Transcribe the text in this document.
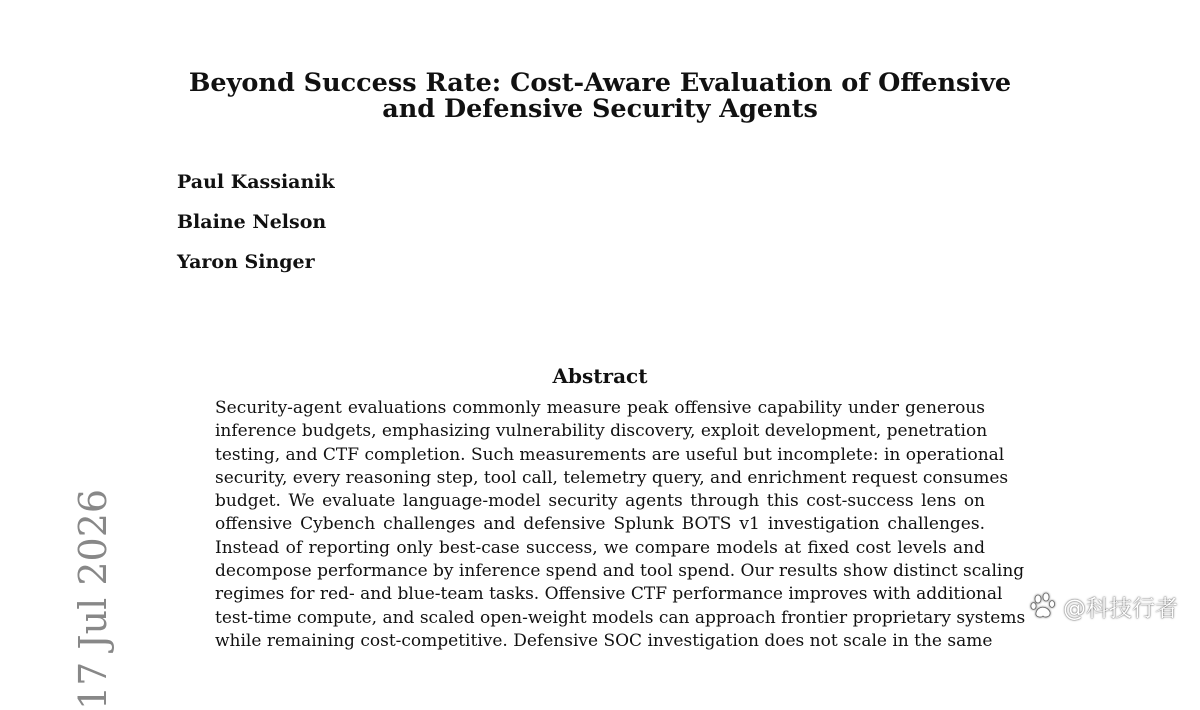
Beyond Success Rate: Cost-Aware Evaluation of Offensive
and Defensive Security Agents
Paul Kassianik
Blaine Nelson
Yaron Singer
Abstract
Security-agent evaluations commonly measure peak offensive capability under generous
inference budgets, emphasizing vulnerability discovery, exploit development, penetration
testing, and CTF completion. Such measurements are useful but incomplete: in operational
security, every reasoning step, tool call, telemetry query, and enrichment request consumes
budget. We evaluate language-model security agents through this cost-success lens on
offensive Cybench challenges and defensive Splunk BOTS v1 investigation challenges.
Instead of reporting only best-case success, we compare models at fixed cost levels and
decompose performance by inference spend and tool spend. Our results show distinct scaling
regimes for red- and blue-team tasks. Offensive CTF performance improves with additional
test-time compute, and scaled open-weight models can approach frontier proprietary systems
while remaining cost-competitive. Defensive SOC investigation does not scale in the same
17 Jul 2026	@科技行者
